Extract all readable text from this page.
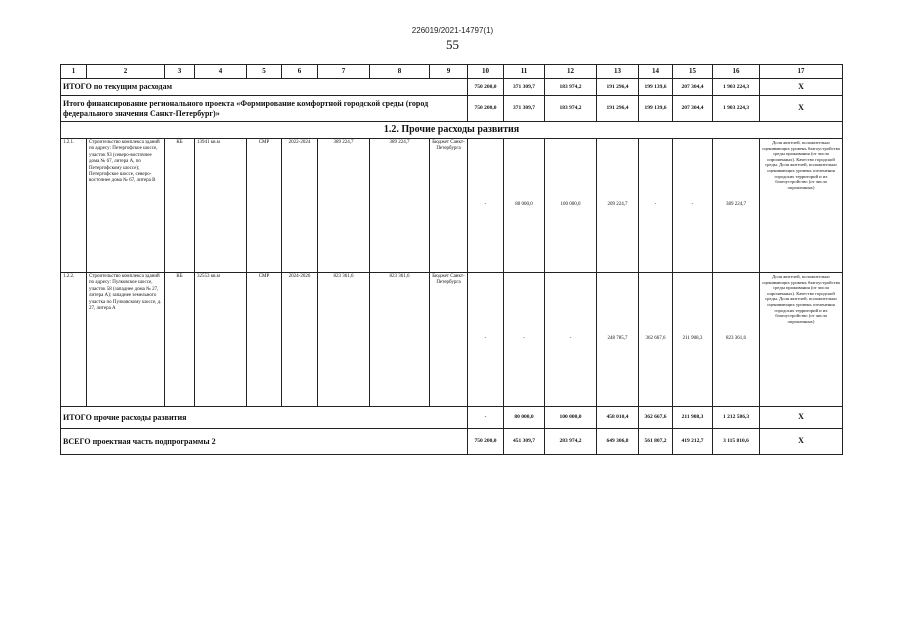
226019/2021-14797(1)
55
1	2	3	4	5	6	7	8	9	10	11	12	13	14	15	16	17
ИТОГО по текущим расходам									750 200,0	371 309,7	183 974,2	191 296,4	199 139,6	207 304,4	1 903 224,3	Х
Итого финансирование регионального проекта «Формирование комфортной городской среды (город федерального значения Санкт-Петербург)»									750 200,0	371 309,7	183 974,2	191 296,4	199 139,6	207 304,4	1 903 224,3	Х
1.2. Прочие расходы развития																
1.2.1.	Строительство комплекса зданий по адресу: Петергофское шоссе, участок 93 (северо-восточнее дома № 67, литера А, по Петергофскому шоссе); Петергофское шоссе, северо- восточнее дома № 67, литера В	КБ	13941 кв.м	СМР	2022-2024	389 224,7	389 224,7	Бюджет Санкт-Петербурга	-	80 000,0	100 000,0	209 224,7	-	-	389 224,7	Доля жителей, положительно оценивающих уровень благоустройства среды проживания (от числа опрошенных). Качество городской среды. Доля жителей, положительно оценивающих уровень озеленения городских территорий и их благоустройство (от числа опрошенных)
1.2.2.	Строительство комплекса зданий по адресу: Пулковское шоссе, участок 58 (западнее дома № 27, литера А); западнее земельного участка по Пулковскому шоссе, д. 27, литера А	КБ	32553 кв.м	СМР	2024-2026	823 361,6	823 361,6	Бюджет Санкт-Петербурга	-	-	-	248 785,7	362 667,6	211 908,3	823 361,6	Доля жителей, положительно оценивающих уровень благоустройства среды проживания (от числа опрошенных). Качество городской среды. Доля жителей, положительно оценивающих уровень озеленения городских территорий и их благоустройство (от числа опрошенных)
ИТОГО прочие расходы развития									-	80 000,0	100 000,0	458 010,4	362 667,6	211 908,3	1 212 586,3	Х
ВСЕГО проектная часть подпрограммы 2									750 200,0	451 309,7	283 974,2	649 306,8	561 807,2	419 212,7	3 115 810,6	Х
